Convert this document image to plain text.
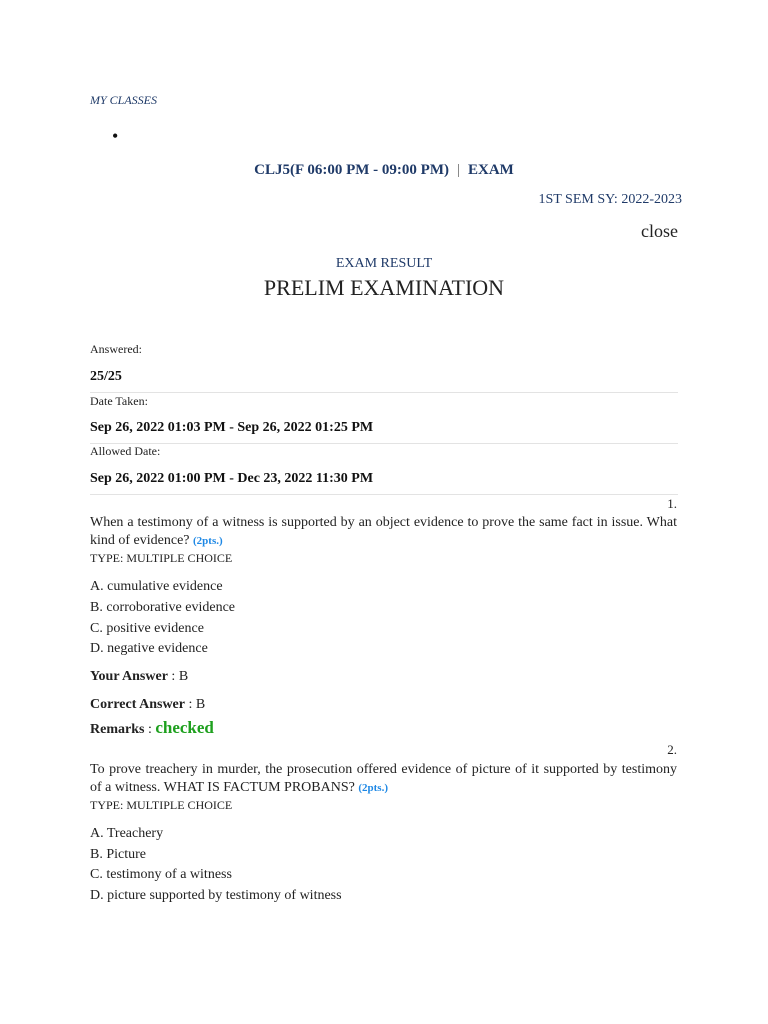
MY CLASSES
•
CLJ5(F 06:00 PM - 09:00 PM) | EXAM
1ST SEM SY: 2022-2023
close
EXAM RESULT
PRELIM EXAMINATION
Answered:
25/25
Date Taken:
Sep 26, 2022 01:03 PM - Sep 26, 2022 01:25 PM
Allowed Date:
Sep 26, 2022 01:00 PM - Dec 23, 2022 11:30 PM
1.
When a testimony of a witness is supported by an object evidence to prove the same fact in issue. What kind of evidence? (2pts.)
TYPE: MULTIPLE CHOICE
A. cumulative evidence
B. corroborative evidence
C. positive evidence
D. negative evidence
Your Answer : B
Correct Answer : B
Remarks : checked
2.
To prove treachery in murder, the prosecution offered evidence of picture of it supported by testimony of a witness. WHAT IS FACTUM PROBANS? (2pts.)
TYPE: MULTIPLE CHOICE
A. Treachery
B. Picture
C. testimony of a witness
D. picture supported by testimony of witness
